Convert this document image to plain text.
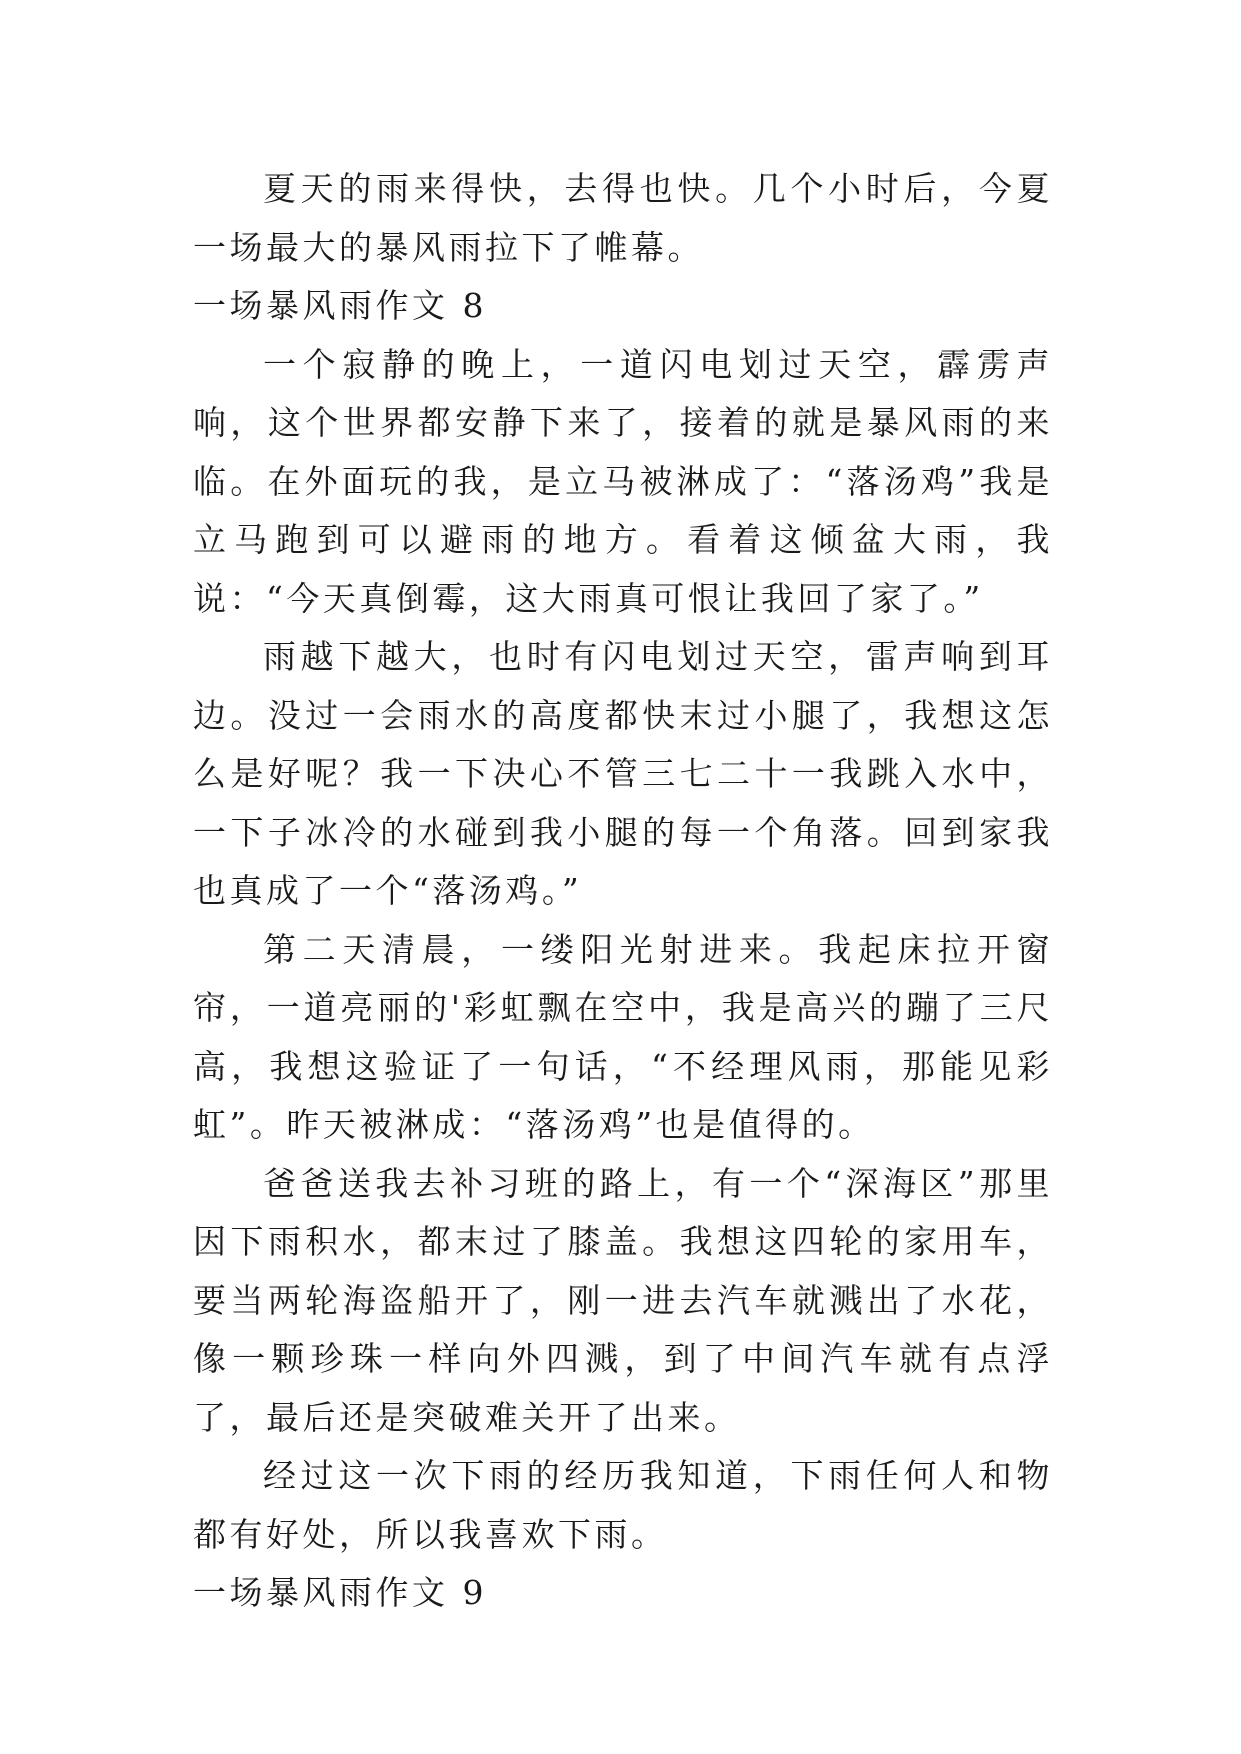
夏天的雨来得快，去得也快。几个小时后，今夏一场最大的暴风雨拉下了帷幕。

一场暴风雨作文 8

一个寂静的晚上，一道闪电划过天空，霹雳声响，这个世界都安静下来了，接着的就是暴风雨的来临。在外面玩的我，是立马被淋成了：“落汤鸡”我是立马跑到可以避雨的地方。看着这倾盆大雨，我说：“今天真倒霉，这大雨真可恨让我回了家了。”

雨越下越大，也时有闪电划过天空，雷声响到耳边。没过一会雨水的高度都快末过小腿了，我想这怎么是好呢？我一下决心不管三七二十一我跳入水中，一下子冰冷的水碰到我小腿的每一个角落。回到家我也真成了一个“落汤鸡。”

第二天清晨，一缕阳光射进来。我起床拉开窗帘，一道亮丽的'彩虹飘在空中，我是高兴的蹦了三尺高，我想这验证了一句话，“不经理风雨，那能见彩虹”。昨天被淋成：“落汤鸡”也是值得的。

爸爸送我去补习班的路上，有一个“深海区”那里因下雨积水，都末过了膝盖。我想这四轮的家用车，要当两轮海盗船开了，刚一进去汽车就溅出了水花，像一颗珍珠一样向外四溅，到了中间汽车就有点浮了，最后还是突破难关开了出来。

经过这一次下雨的经历我知道，下雨任何人和物都有好处，所以我喜欢下雨。

一场暴风雨作文 9
